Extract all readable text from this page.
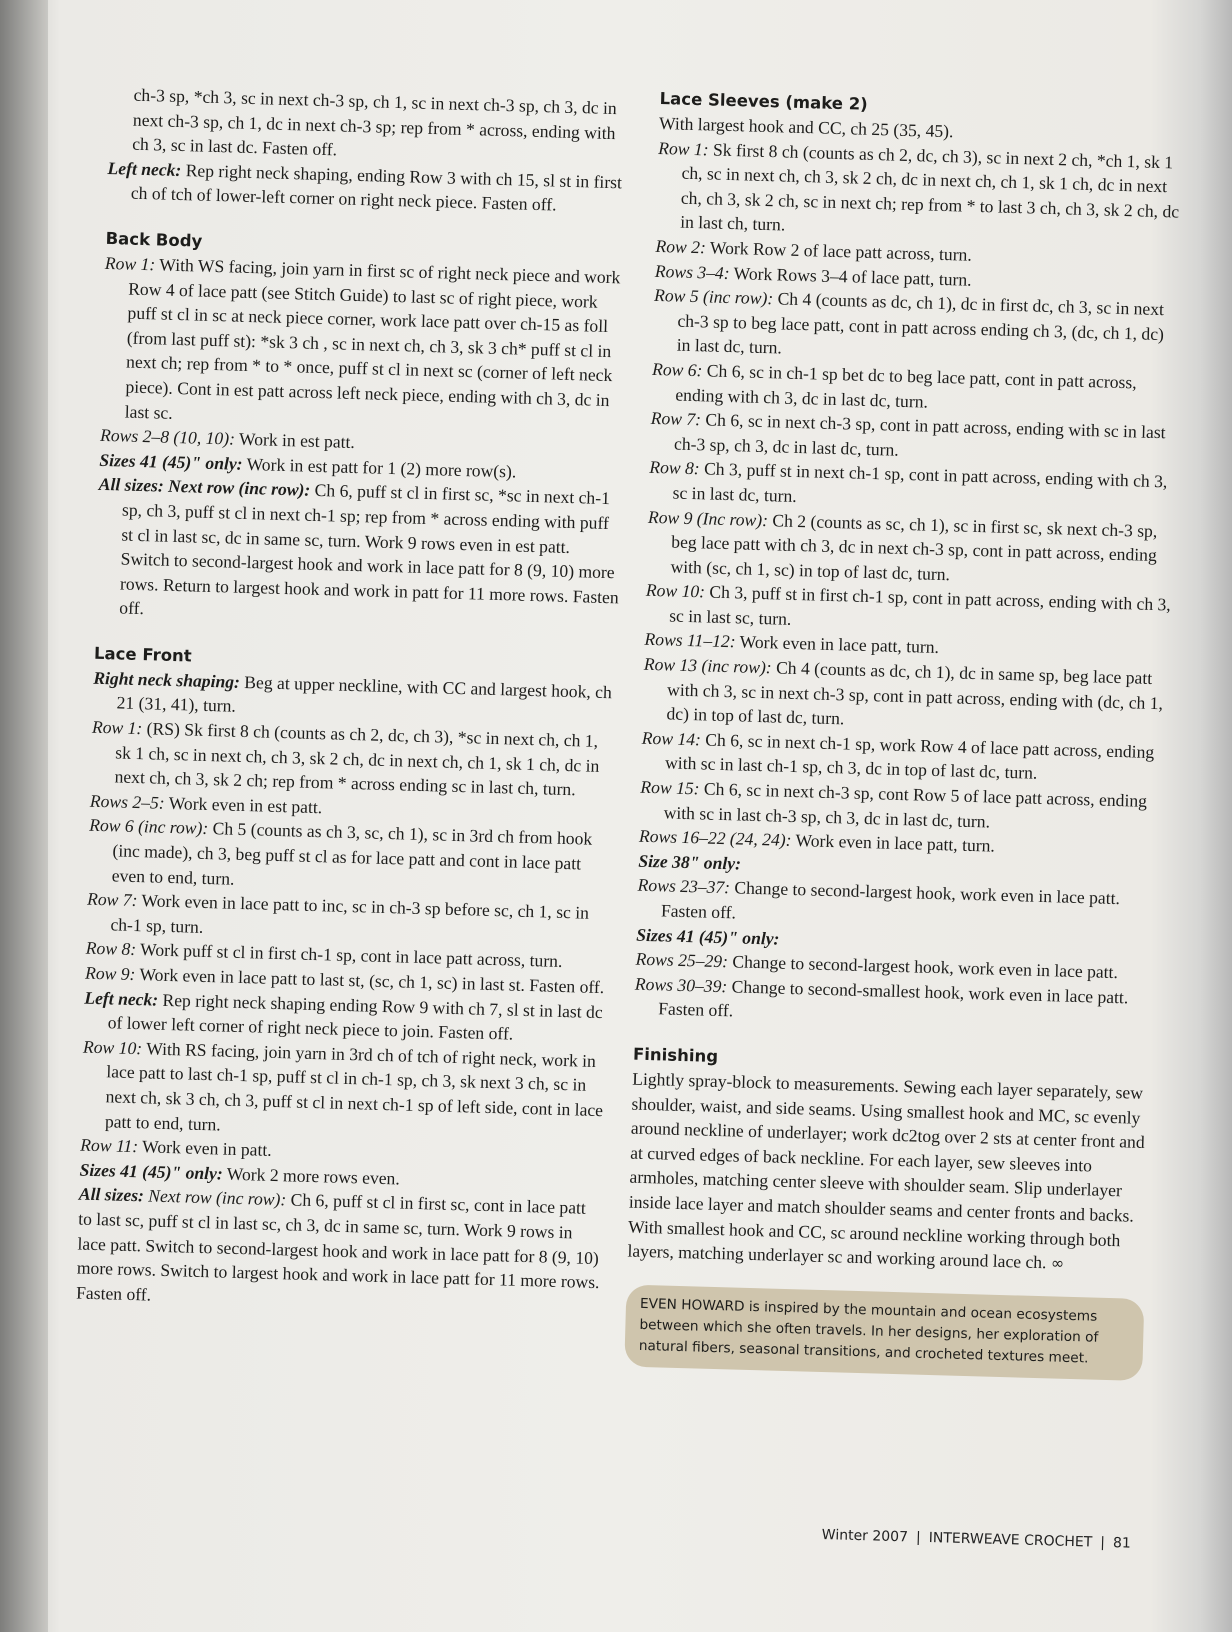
ch-3 sp, *ch 3, sc in next ch-3 sp, ch 1, sc in next ch-3 sp, ch 3, dc in next ch-3 sp, ch 1, dc in next ch-3 sp; rep from * across, ending with ch 3, sc in last dc. Fasten off.

Left neck: Rep right neck shaping, ending Row 3 with ch 15, sl st in first ch of tch of lower-left corner on right neck piece. Fasten off.

Back Body

Row 1: With WS facing, join yarn in first sc of right neck piece and work Row 4 of lace patt (see Stitch Guide) to last sc of right piece, work puff st cl in sc at neck piece corner, work lace patt over ch-15 as foll (from last puff st): *sk 3 ch , sc in next ch, ch 3, sk 3 ch* puff st cl in next ch; rep from * to * once, puff st cl in next sc (corner of left neck piece). Cont in est patt across left neck piece, ending with ch 3, dc in last sc.

Rows 2–8 (10, 10): Work in est patt.

Sizes 41 (45)" only: Work in est patt for 1 (2) more row(s).

All sizes: Next row (inc row): Ch 6, puff st cl in first sc, *sc in next ch-1 sp, ch 3, puff st cl in next ch-1 sp; rep from * across ending with puff st cl in last sc, dc in same sc, turn. Work 9 rows even in est patt. Switch to second-largest hook and work in lace patt for 8 (9, 10) more rows. Return to largest hook and work in patt for 11 more rows. Fasten off.

Lace Front

Right neck shaping: Beg at upper neckline, with CC and largest hook, ch 21 (31, 41), turn.

Row 1: (RS) Sk first 8 ch (counts as ch 2, dc, ch 3), *sc in next ch, ch 1, sk 1 ch, sc in next ch, ch 3, sk 2 ch, dc in next ch, ch 1, sk 1 ch, dc in next ch, ch 3, sk 2 ch; rep from * across ending sc in last ch, turn.

Rows 2–5: Work even in est patt.

Row 6 (inc row): Ch 5 (counts as ch 3, sc, ch 1), sc in 3rd ch from hook (inc made), ch 3, beg puff st cl as for lace patt and cont in lace patt even to end, turn.

Row 7: Work even in lace patt to inc, sc in ch-3 sp before sc, ch 1, sc in ch-1 sp, turn.

Row 8: Work puff st cl in first ch-1 sp, cont in lace patt across, turn.

Row 9: Work even in lace patt to last st, (sc, ch 1, sc) in last st. Fasten off.

Left neck: Rep right neck shaping ending Row 9 with ch 7, sl st in last dc of lower left corner of right neck piece to join. Fasten off.

Row 10: With RS facing, join yarn in 3rd ch of tch of right neck, work in lace patt to last ch-1 sp, puff st cl in ch-1 sp, ch 3, sk next 3 ch, sc in next ch, sk 3 ch, ch 3, puff st cl in next ch-1 sp of left side, cont in lace patt to end, turn.

Row 11: Work even in patt.

Sizes 41 (45)" only: Work 2 more rows even.

All sizes: Next row (inc row): Ch 6, puff st cl in first sc, cont in lace patt to last sc, puff st cl in last sc, ch 3, dc in same sc, turn. Work 9 rows in lace patt. Switch to second-largest hook and work in lace patt for 8 (9, 10) more rows. Switch to largest hook and work in lace patt for 11 more rows. Fasten off.

Lace Sleeves (make 2)

With largest hook and CC, ch 25 (35, 45).

Row 1: Sk first 8 ch (counts as ch 2, dc, ch 3), sc in next 2 ch, *ch 1, sk 1 ch, sc in next ch, ch 3, sk 2 ch, dc in next ch, ch 1, sk 1 ch, dc in next ch, ch 3, sk 2 ch, sc in next ch; rep from * to last 3 ch, ch 3, sk 2 ch, dc in last ch, turn.

Row 2: Work Row 2 of lace patt across, turn.

Rows 3–4: Work Rows 3–4 of lace patt, turn.

Row 5 (inc row): Ch 4 (counts as dc, ch 1), dc in first dc, ch 3, sc in next ch-3 sp to beg lace patt, cont in patt across ending ch 3, (dc, ch 1, dc) in last dc, turn.

Row 6: Ch 6, sc in ch-1 sp bet dc to beg lace patt, cont in patt across, ending with ch 3, dc in last dc, turn.

Row 7: Ch 6, sc in next ch-3 sp, cont in patt across, ending with sc in last ch-3 sp, ch 3, dc in last dc, turn.

Row 8: Ch 3, puff st in next ch-1 sp, cont in patt across, ending with ch 3, sc in last dc, turn.

Row 9 (Inc row): Ch 2 (counts as sc, ch 1), sc in first sc, sk next ch-3 sp, beg lace patt with ch 3, dc in next ch-3 sp, cont in patt across, ending with (sc, ch 1, sc) in top of last dc, turn.

Row 10: Ch 3, puff st in first ch-1 sp, cont in patt across, ending with ch 3, sc in last sc, turn.

Rows 11–12: Work even in lace patt, turn.

Row 13 (inc row): Ch 4 (counts as dc, ch 1), dc in same sp, beg lace patt with ch 3, sc in next ch-3 sp, cont in patt across, ending with (dc, ch 1, dc) in top of last dc, turn.

Row 14: Ch 6, sc in next ch-1 sp, work Row 4 of lace patt across, ending with sc in last ch-1 sp, ch 3, dc in top of last dc, turn.

Row 15: Ch 6, sc in next ch-3 sp, cont Row 5 of lace patt across, ending with sc in last ch-3 sp, ch 3, dc in last dc, turn.

Rows 16–22 (24, 24): Work even in lace patt, turn.

Size 38" only:

Rows 23–37: Change to second-largest hook, work even in lace patt. Fasten off.

Sizes 41 (45)" only:

Rows 25–29: Change to second-largest hook, work even in lace patt.

Rows 30–39: Change to second-smallest hook, work even in lace patt. Fasten off.

Finishing

Lightly spray-block to measurements. Sewing each layer separately, sew shoulder, waist, and side seams. Using smallest hook and MC, sc evenly around neckline of underlayer; work dc2tog over 2 sts at center front and at curved edges of back neckline. For each layer, sew sleeves into armholes, matching center sleeve with shoulder seam. Slip underlayer inside lace layer and match shoulder seams and center fronts and backs. With smallest hook and CC, sc around neckline working through both layers, matching underlayer sc and working around lace ch. ∞

EVEN HOWARD is inspired by the mountain and ocean ecosystems between which she often travels. In her designs, her exploration of natural fibers, seasonal transitions, and crocheted textures meet.
Winter 2007 | INTERWEAVE CROCHET | 81
